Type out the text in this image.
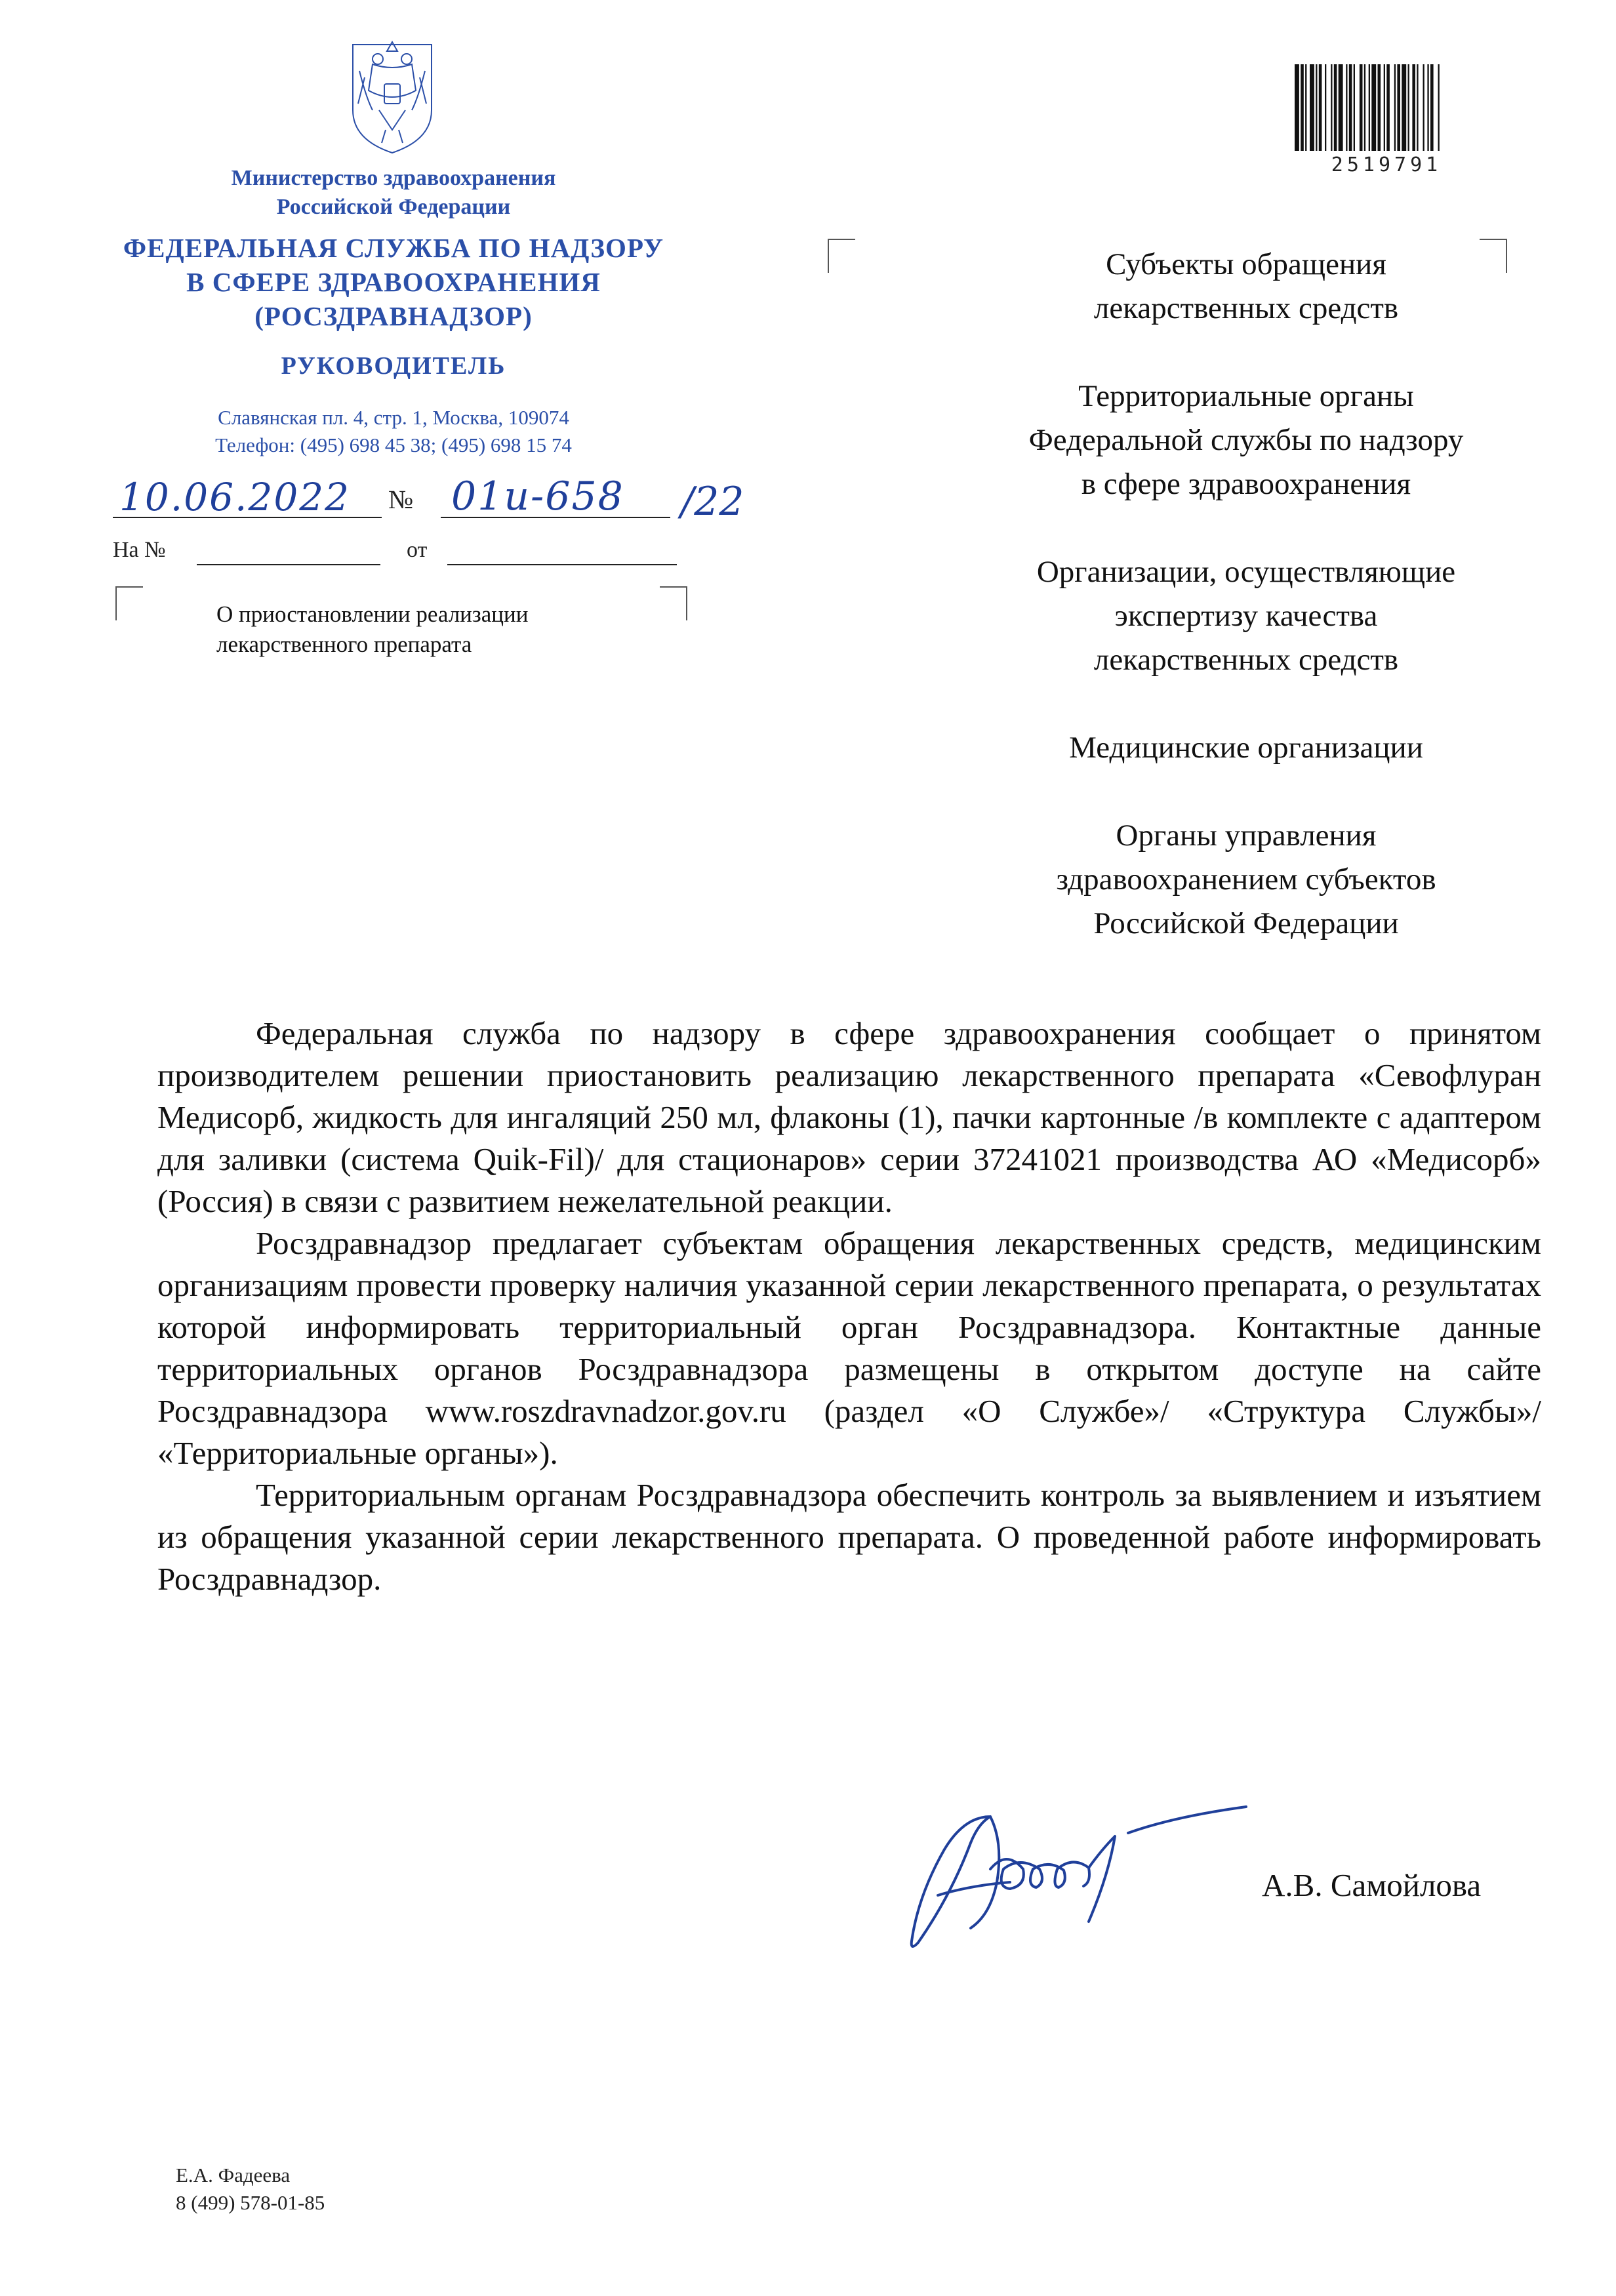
Министерство здравоохранения
Российской Федерации
ФЕДЕРАЛЬНАЯ СЛУЖБА ПО НАДЗОРУ
В СФЕРЕ ЗДРАВООХРАНЕНИЯ
(РОСЗДРАВНАДЗОР)
РУКОВОДИТЕЛЬ
Славянская пл. 4, стр. 1, Москва, 109074
Телефон: (495) 698 45 38; (495) 698 15 74
10.06.2022 № 01и-658 /22
На №	от
О приостановлении реализации
лекарственного препарата
2519791
Субъекты обращения
лекарственных средств
Территориальные органы
Федеральной службы по надзору
в сфере здравоохранения
Организации, осуществляющие
экспертизу качества
лекарственных средств
Медицинские организации
Органы управления
здравоохранением субъектов
Российской Федерации

Федеральная служба по надзору в сфере здравоохранения сообщает о принятом производителем решении приостановить реализацию лекарственного препарата «Севофлуран Медисорб, жидкость для ингаляций 250 мл, флаконы (1), пачки картонные /в комплекте с адаптером для заливки (система Quik-Fil)/ для стационаров» серии 37241021 производства АО «Медисорб» (Россия) в связи с развитием нежелательной реакции.

Росздравнадзор предлагает субъектам обращения лекарственных средств, медицинским организациям провести проверку наличия указанной серии лекарственного препарата, о результатах которой информировать территориальный орган Росздравнадзора. Контактные данные территориальных органов Росздравнадзора размещены в открытом доступе на сайте Росздравнадзора www.roszdravnadzor.gov.ru (раздел «О Службе»/ «Структура Службы»/ «Территориальные органы»).

Территориальным органам Росздравнадзора обеспечить контроль за выявлением и изъятием из обращения указанной серии лекарственного препарата. О проведенной работе информировать Росздравнадзор.

А.В. Самойлова
Е.А. Фадеева
8 (499) 578-01-85
